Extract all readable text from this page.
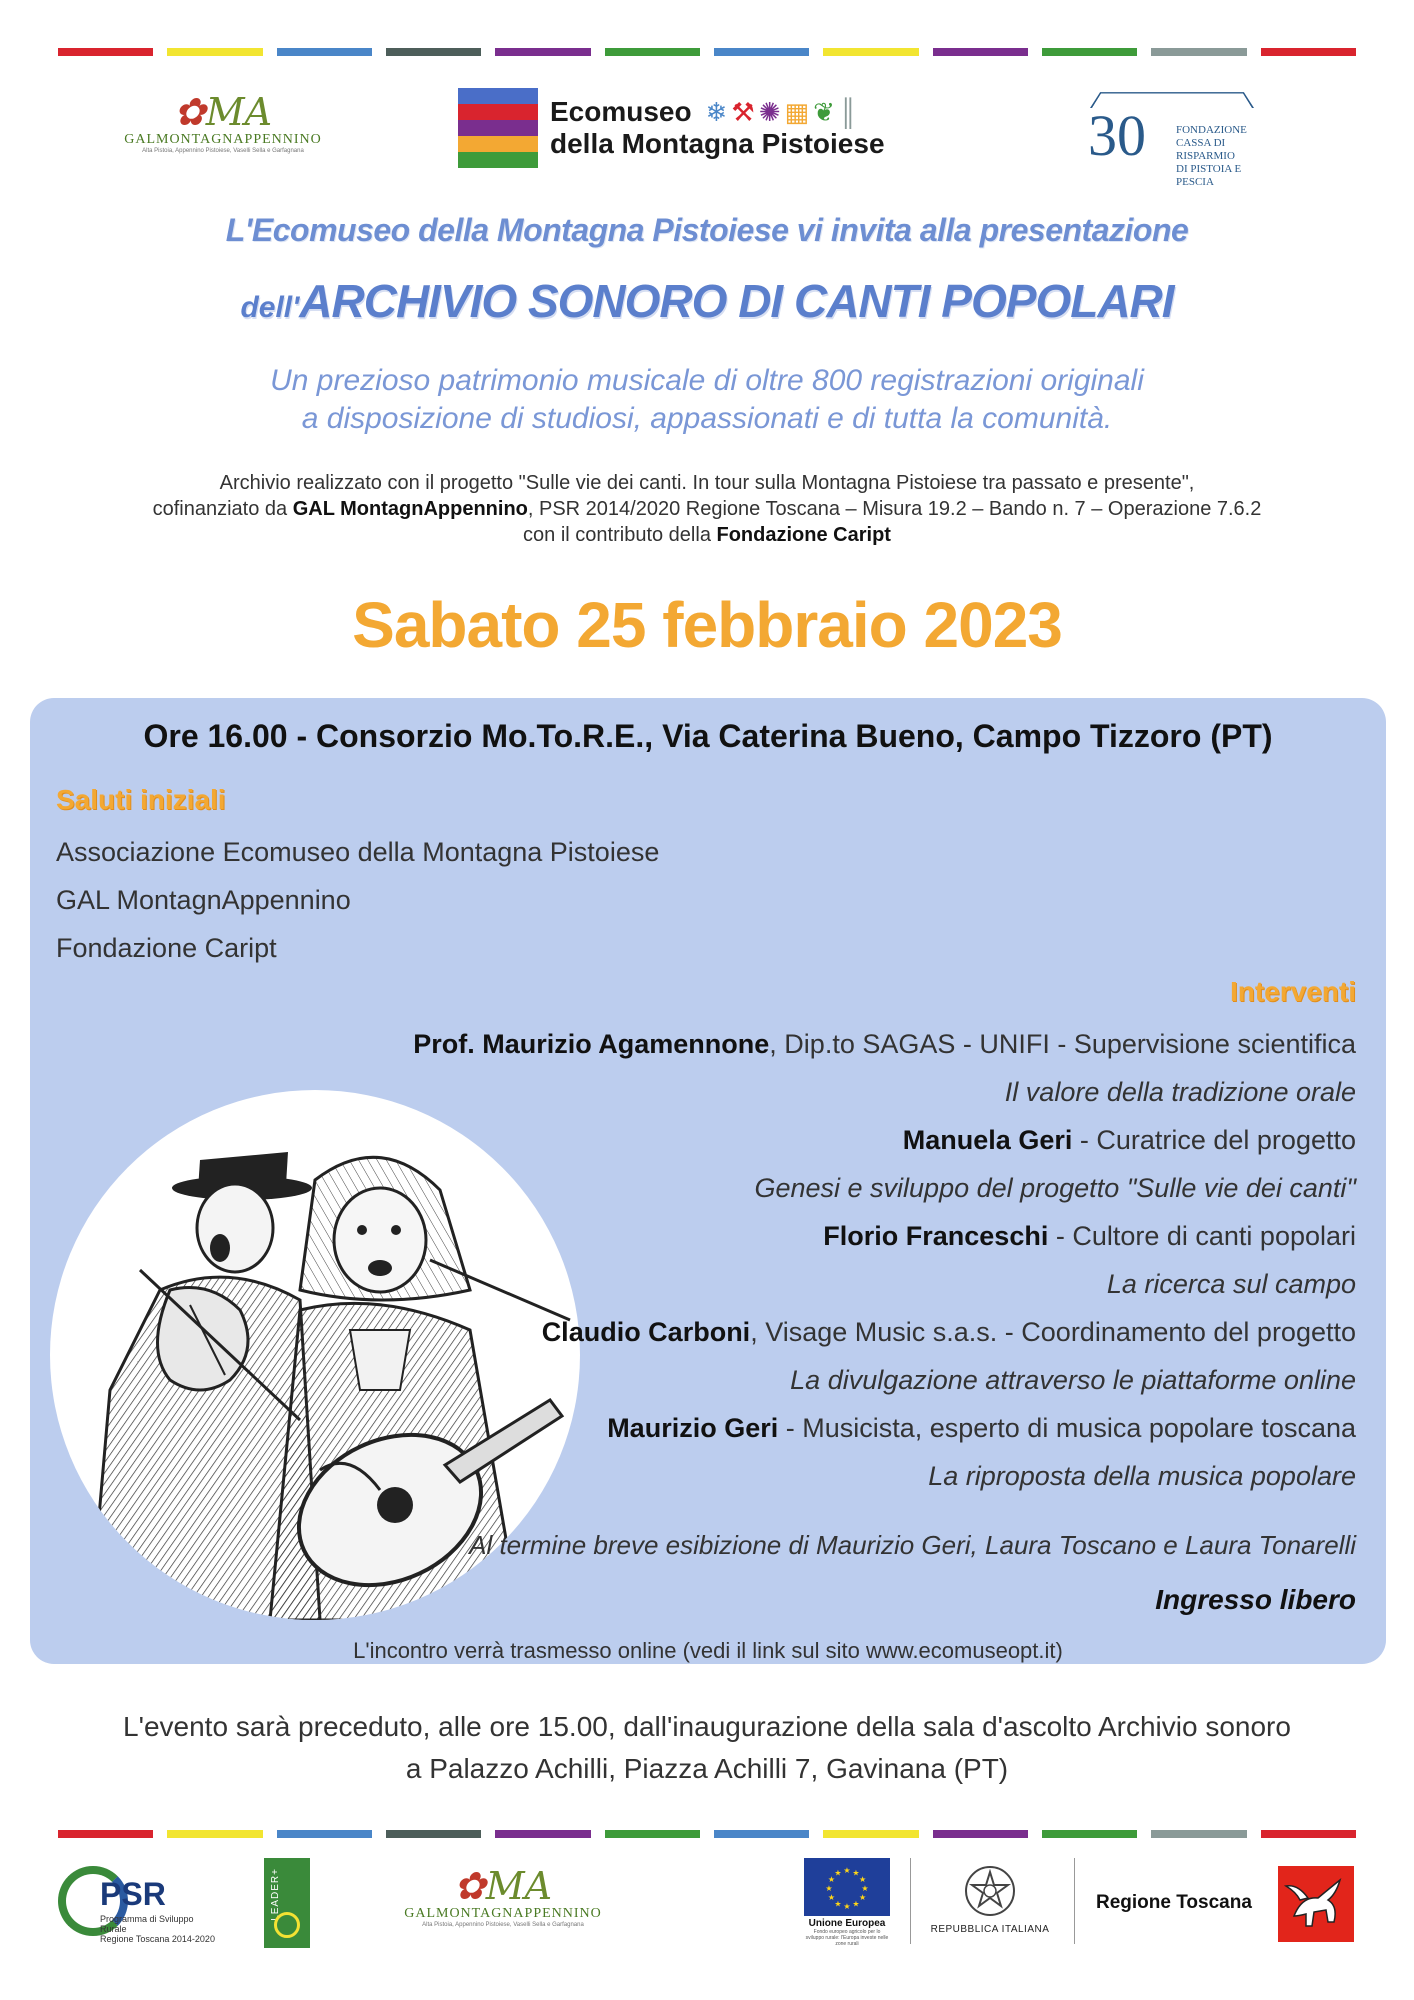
✿MA
GALMONTAGNAPPENNINO
Alta Pistoia, Appennino Pistoiese, Vaselli Sella e Garfagnana
Ecomuseo ❄⚒✺▦❦║
della Montagna Pistoiese	30	FONDAZIONE
CASSA DI RISPARMIO
DI PISTOIA E PESCIA
L'Ecomuseo della Montagna Pistoiese vi invita alla presentazione
dell'ARCHIVIO SONORO DI CANTI POPOLARI
Un prezioso patrimonio musicale di oltre 800 registrazioni originali
a disposizione di studiosi, appassionati e di tutta la comunità.
Archivio realizzato con il progetto "Sulle vie dei canti. In tour sulla Montagna Pistoiese tra passato e presente",
cofinanziato da GAL MontagnAppennino, PSR 2014/2020 Regione Toscana – Misura 19.2 – Bando n. 7 – Operazione 7.6.2
con il contributo della Fondazione Caript
Sabato 25 febbraio 2023
Ore 16.00 - Consorzio Mo.To.R.E., Via Caterina Bueno, Campo Tizzoro (PT)
Saluti iniziali
Associazione Ecomuseo della Montagna Pistoiese
GAL MontagnAppennino
Fondazione Caript
Interventi
Prof. Maurizio Agamennone, Dip.to SAGAS - UNIFI - Supervisione scientifica
Il valore della tradizione orale
Manuela Geri - Curatrice del progetto
Genesi e sviluppo del progetto "Sulle vie dei canti"
Florio Franceschi - Cultore di canti popolari
La ricerca sul campo
Claudio Carboni, Visage Music s.a.s. - Coordinamento del progetto
La divulgazione attraverso le piattaforme online
Maurizio Geri - Musicista, esperto di musica popolare toscana
La riproposta della musica popolare
Al termine breve esibizione di Maurizio Geri, Laura Toscano e Laura Tonarelli
Ingresso libero
L'incontro verrà trasmesso online (vedi il link sul sito www.ecomuseopt.it)
L'evento sarà preceduto, alle ore 15.00, dall'inaugurazione della sala d'ascolto Archivio sonoro
a Palazzo Achilli, Piazza Achilli 7, Gavinana (PT)
PSR
Programma di Sviluppo Rurale
Regione Toscana 2014-2020
LEADER+	✿MA
GALMONTAGNAPPENNINO
Alta Pistoia, Appennino Pistoiese, Vaselli Sella e Garfagnana
★
★
★
★
★
★
★
★
★ ★ ★
★
Unione Europea
Fondo europeo agricolo per lo sviluppo rurale: l'Europa investe nelle zone rurali
REPUBBLICA ITALIANA
Regione Toscana
